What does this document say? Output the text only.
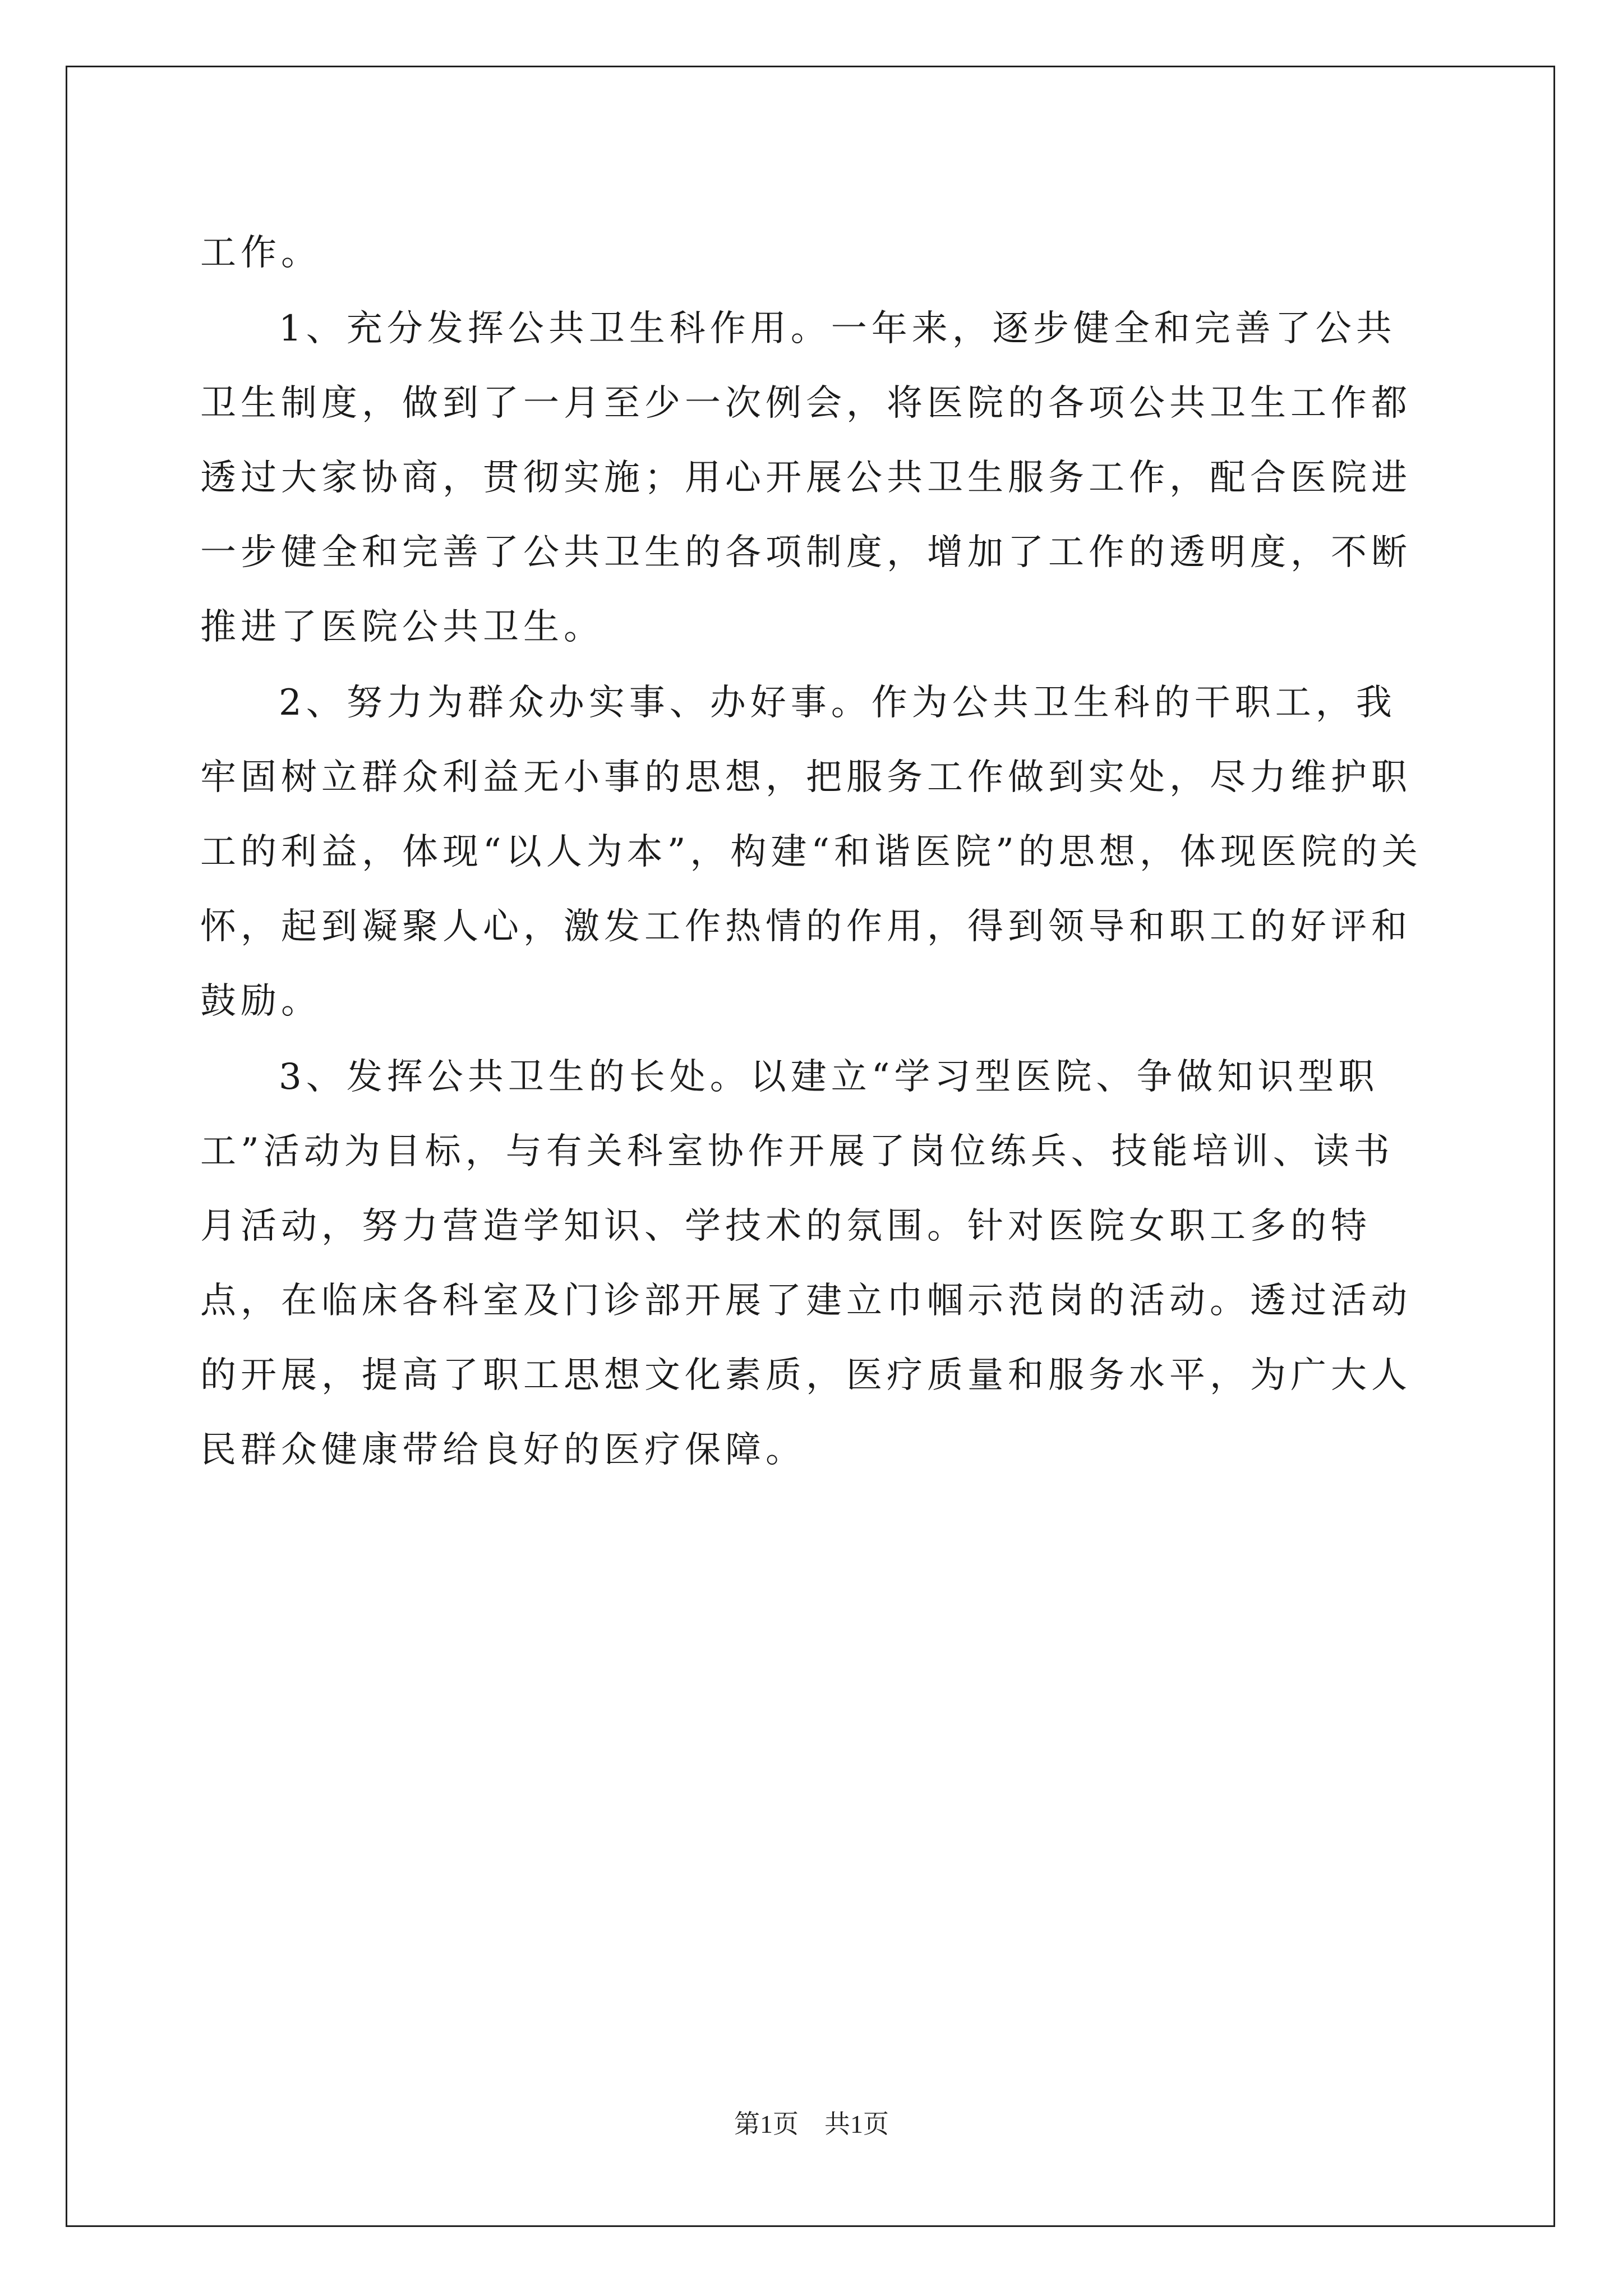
工作。

1、充分发挥公共卫生科作用。一年来，逐步健全和完善了公共卫生制度，做到了一月至少一次例会，将医院的各项公共卫生工作都透过大家协商，贯彻实施；用心开展公共卫生服务工作，配合医院进一步健全和完善了公共卫生的各项制度，增加了工作的透明度，不断推进了医院公共卫生。

2、努力为群众办实事、办好事。作为公共卫生科的干职工，我牢固树立群众利益无小事的思想，把服务工作做到实处，尽力维护职工的利益，体现“以人为本”，构建“和谐医院”的思想，体现医院的关怀，起到凝聚人心，激发工作热情的作用，得到领导和职工的好评和鼓励。

3、发挥公共卫生的长处。以建立“学习型医院、争做知识型职工”活动为目标，与有关科室协作开展了岗位练兵、技能培训、读书月活动，努力营造学知识、学技术的氛围。针对医院女职工多的特点，在临床各科室及门诊部开展了建立巾帼示范岗的活动。透过活动的开展，提高了职工思想文化素质，医疗质量和服务水平，为广大人民群众健康带给良好的医疗保障。

第1页　共1页
